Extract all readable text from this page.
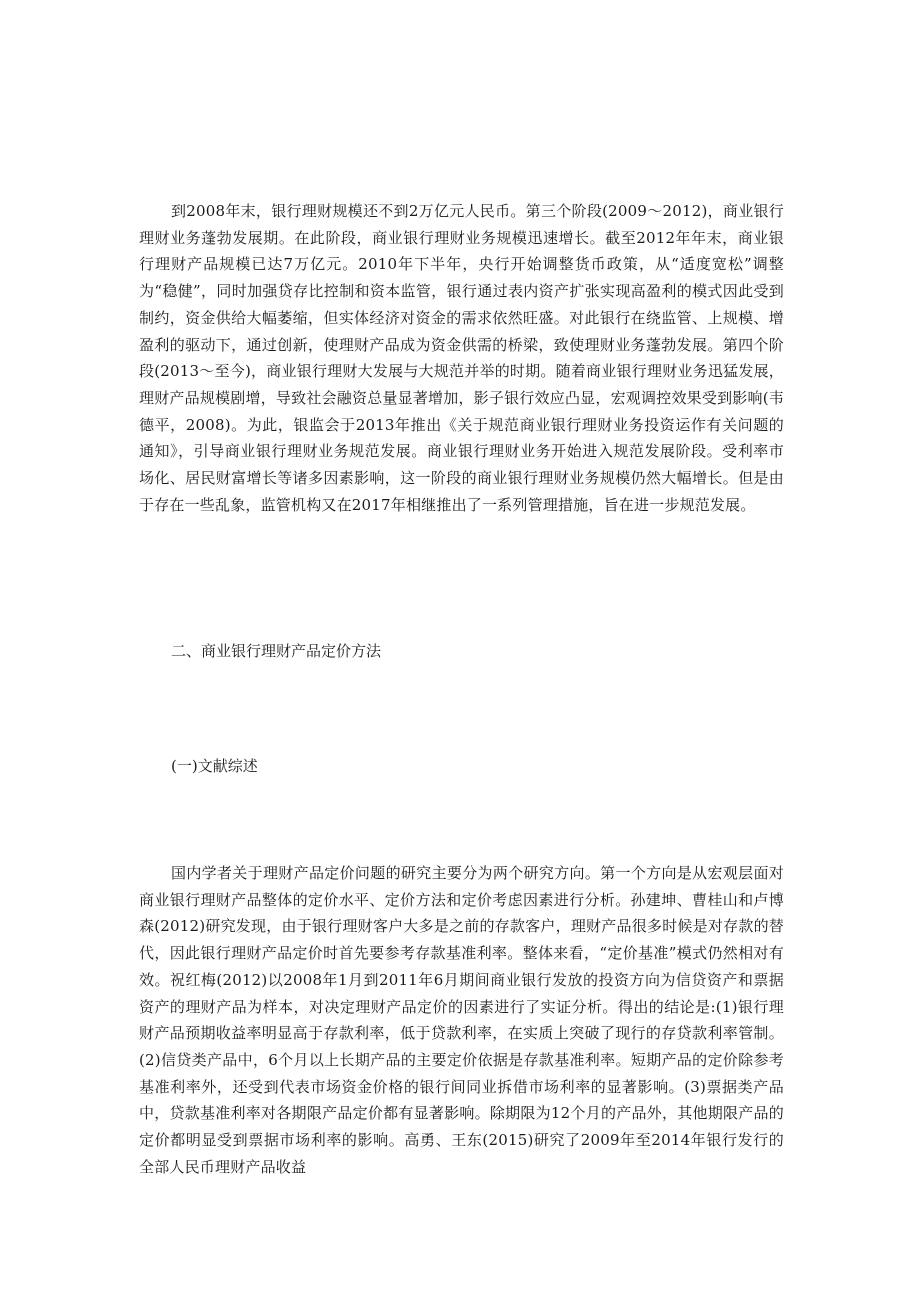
到2008年末，银行理财规模还不到2万亿元人民币。第三个阶段(2009～2012)，商业银行理财业务蓬勃发展期。在此阶段，商业银行理财业务规模迅速增长。截至2012年年末，商业银行理财产品规模已达7万亿元。2010年下半年，央行开始调整货币政策，从“适度宽松”调整为“稳健”，同时加强贷存比控制和资本监管，银行通过表内资产扩张实现高盈利的模式因此受到制约，资金供给大幅萎缩，但实体经济对资金的需求依然旺盛。对此银行在绕监管、上规模、增盈利的驱动下，通过创新，使理财产品成为资金供需的桥梁，致使理财业务蓬勃发展。第四个阶段(2013～至今)，商业银行理财大发展与大规范并举的时期。随着商业银行理财业务迅猛发展，理财产品规模剧增，导致社会融资总量显著增加，影子银行效应凸显，宏观调控效果受到影响(韦德平，2008)。为此，银监会于2013年推出《关于规范商业银行理财业务投资运作有关问题的通知》，引导商业银行理财业务规范发展。商业银行理财业务开始进入规范发展阶段。受利率市场化、居民财富增长等诸多因素影响，这一阶段的商业银行理财业务规模仍然大幅增长。但是由于存在一些乱象，监管机构又在2017年相继推出了一系列管理措施，旨在进一步规范发展。

二、商业银行理财产品定价方法
(一)文献综述

国内学者关于理财产品定价问题的研究主要分为两个研究方向。第一个方向是从宏观层面对商业银行理财产品整体的定价水平、定价方法和定价考虑因素进行分析。孙建坤、曹桂山和卢博森(2012)研究发现，由于银行理财客户大多是之前的存款客户，理财产品很多时候是对存款的替代，因此银行理财产品定价时首先要参考存款基准利率。整体来看，“定价基准”模式仍然相对有效。祝红梅(2012)以2008年1月到2011年6月期间商业银行发放的投资方向为信贷资产和票据资产的理财产品为样本，对决定理财产品定价的因素进行了实证分析。得出的结论是:(1)银行理财产品预期收益率明显高于存款利率，低于贷款利率，在实质上突破了现行的存贷款利率管制。(2)信贷类产品中，6个月以上长期产品的主要定价依据是存款基准利率。短期产品的定价除参考基准利率外，还受到代表市场资金价格的银行间同业拆借市场利率的显著影响。(3)票据类产品中，贷款基准利率对各期限产品定价都有显著影响。除期限为12个月的产品外，其他期限产品的定价都明显受到票据市场利率的影响。高勇、王东(2015)研究了2009年至2014年银行发行的全部人民币理财产品收益
